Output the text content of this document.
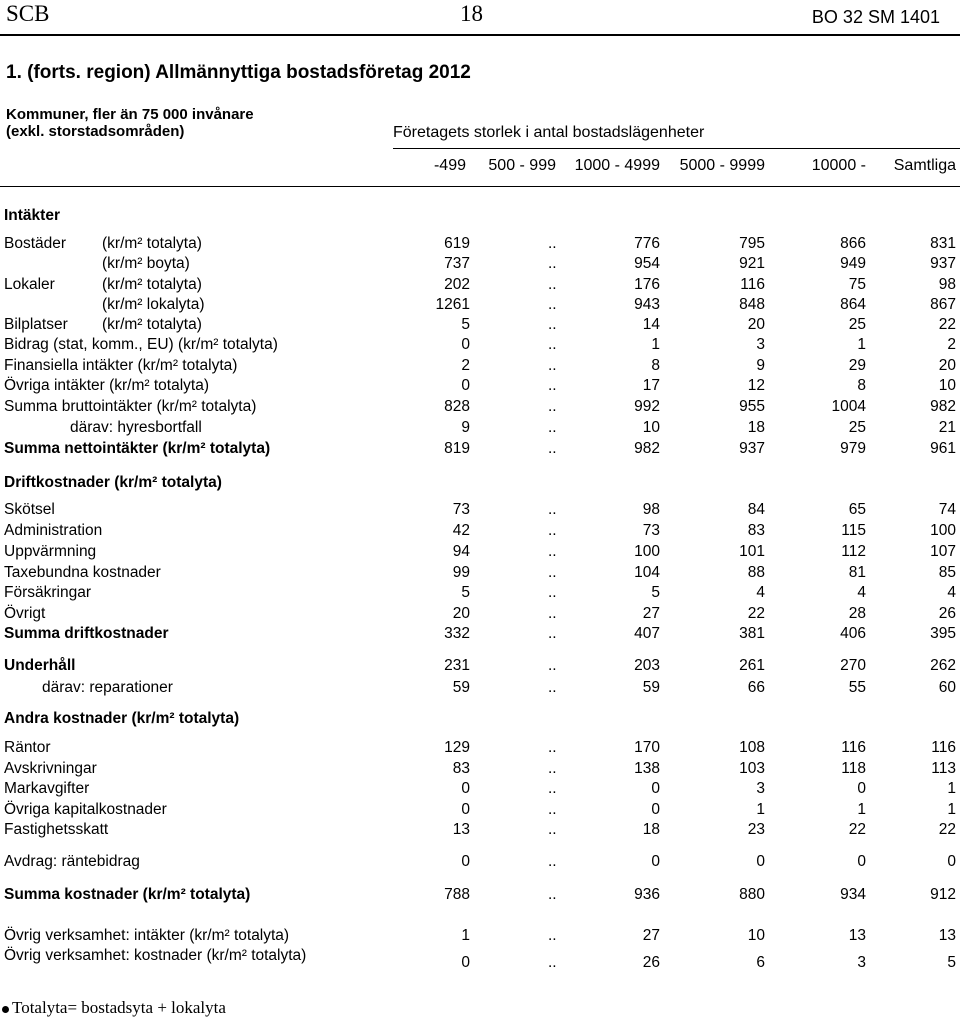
SCB	18	BO 32 SM 1401
1. (forts. region) Allmännyttiga bostadsföretag 2012
Kommuner, fler än 75 000 invånare
(exkl. storstadsområden)	Företagets storlek i antal bostadslägenheter
-499	500 - 999	1000 - 4999	5000 - 9999	10000 -	Samtliga
Intäkter
Driftkostnader (kr/m² totalyta)
Andra kostnader (kr/m² totalyta)
Bostäder (kr/m² totalyta)	619	..	776	795	866	831
(kr/m² boyta)	737	..	954	921	949	937
Lokaler	(kr/m² totalyta)	202	..	176	116	75	98
(kr/m² lokalyta)	1261	..	943	848	864	867
Bilplatser (kr/m² totalyta)	5	..	14	20	25	22
Bidrag (stat, komm., EU) (kr/m² totalyta)	0	..	1	3	1	2
Finansiella intäkter (kr/m² totalyta)	2	..	8	9	29	20
Övriga intäkter (kr/m² totalyta)	0	..	17	12	8	10
Summa bruttointäkter (kr/m² totalyta)	828	..	992	955	1004	982
därav: hyresbortfall	9	..	10	18	25	21
Summa nettointäkter (kr/m² totalyta)	819	..	982	937	979	961
Skötsel	73	..	98	84	65	74
Administration	42	..	73	83	115	100
Uppvärmning	94	..	100	101	112	107
Taxebundna kostnader	99	..	104	88	81	85
Försäkringar	5	..	5	4	4	4
Övrigt	20	..	27	22	28	26
Summa driftkostnader	332	..	407	381	406	395
Underhåll	231	..	203	261	270	262
därav: reparationer	59	..	59	66	55	60
Räntor	129	..	170	108	116	116
Avskrivningar	83	..	138	103	118	113
Markavgifter	0	..	0	3	0	1
Övriga kapitalkostnader	0	..	0	1	1	1
Fastighetsskatt	13	..	18	23	22	22
Avdrag: räntebidrag	0	..	0	0	0	0
Summa kostnader (kr/m² totalyta)	788	..	936	880	934	912
Övrig verksamhet: intäkter (kr/m² totalyta)	1	..	27	10	13	13
Övrig verksamhet: kostnader (kr/m² totalyta)	0	..	26	6	3	5
Totalyta= bostadsyta + lokalyta
